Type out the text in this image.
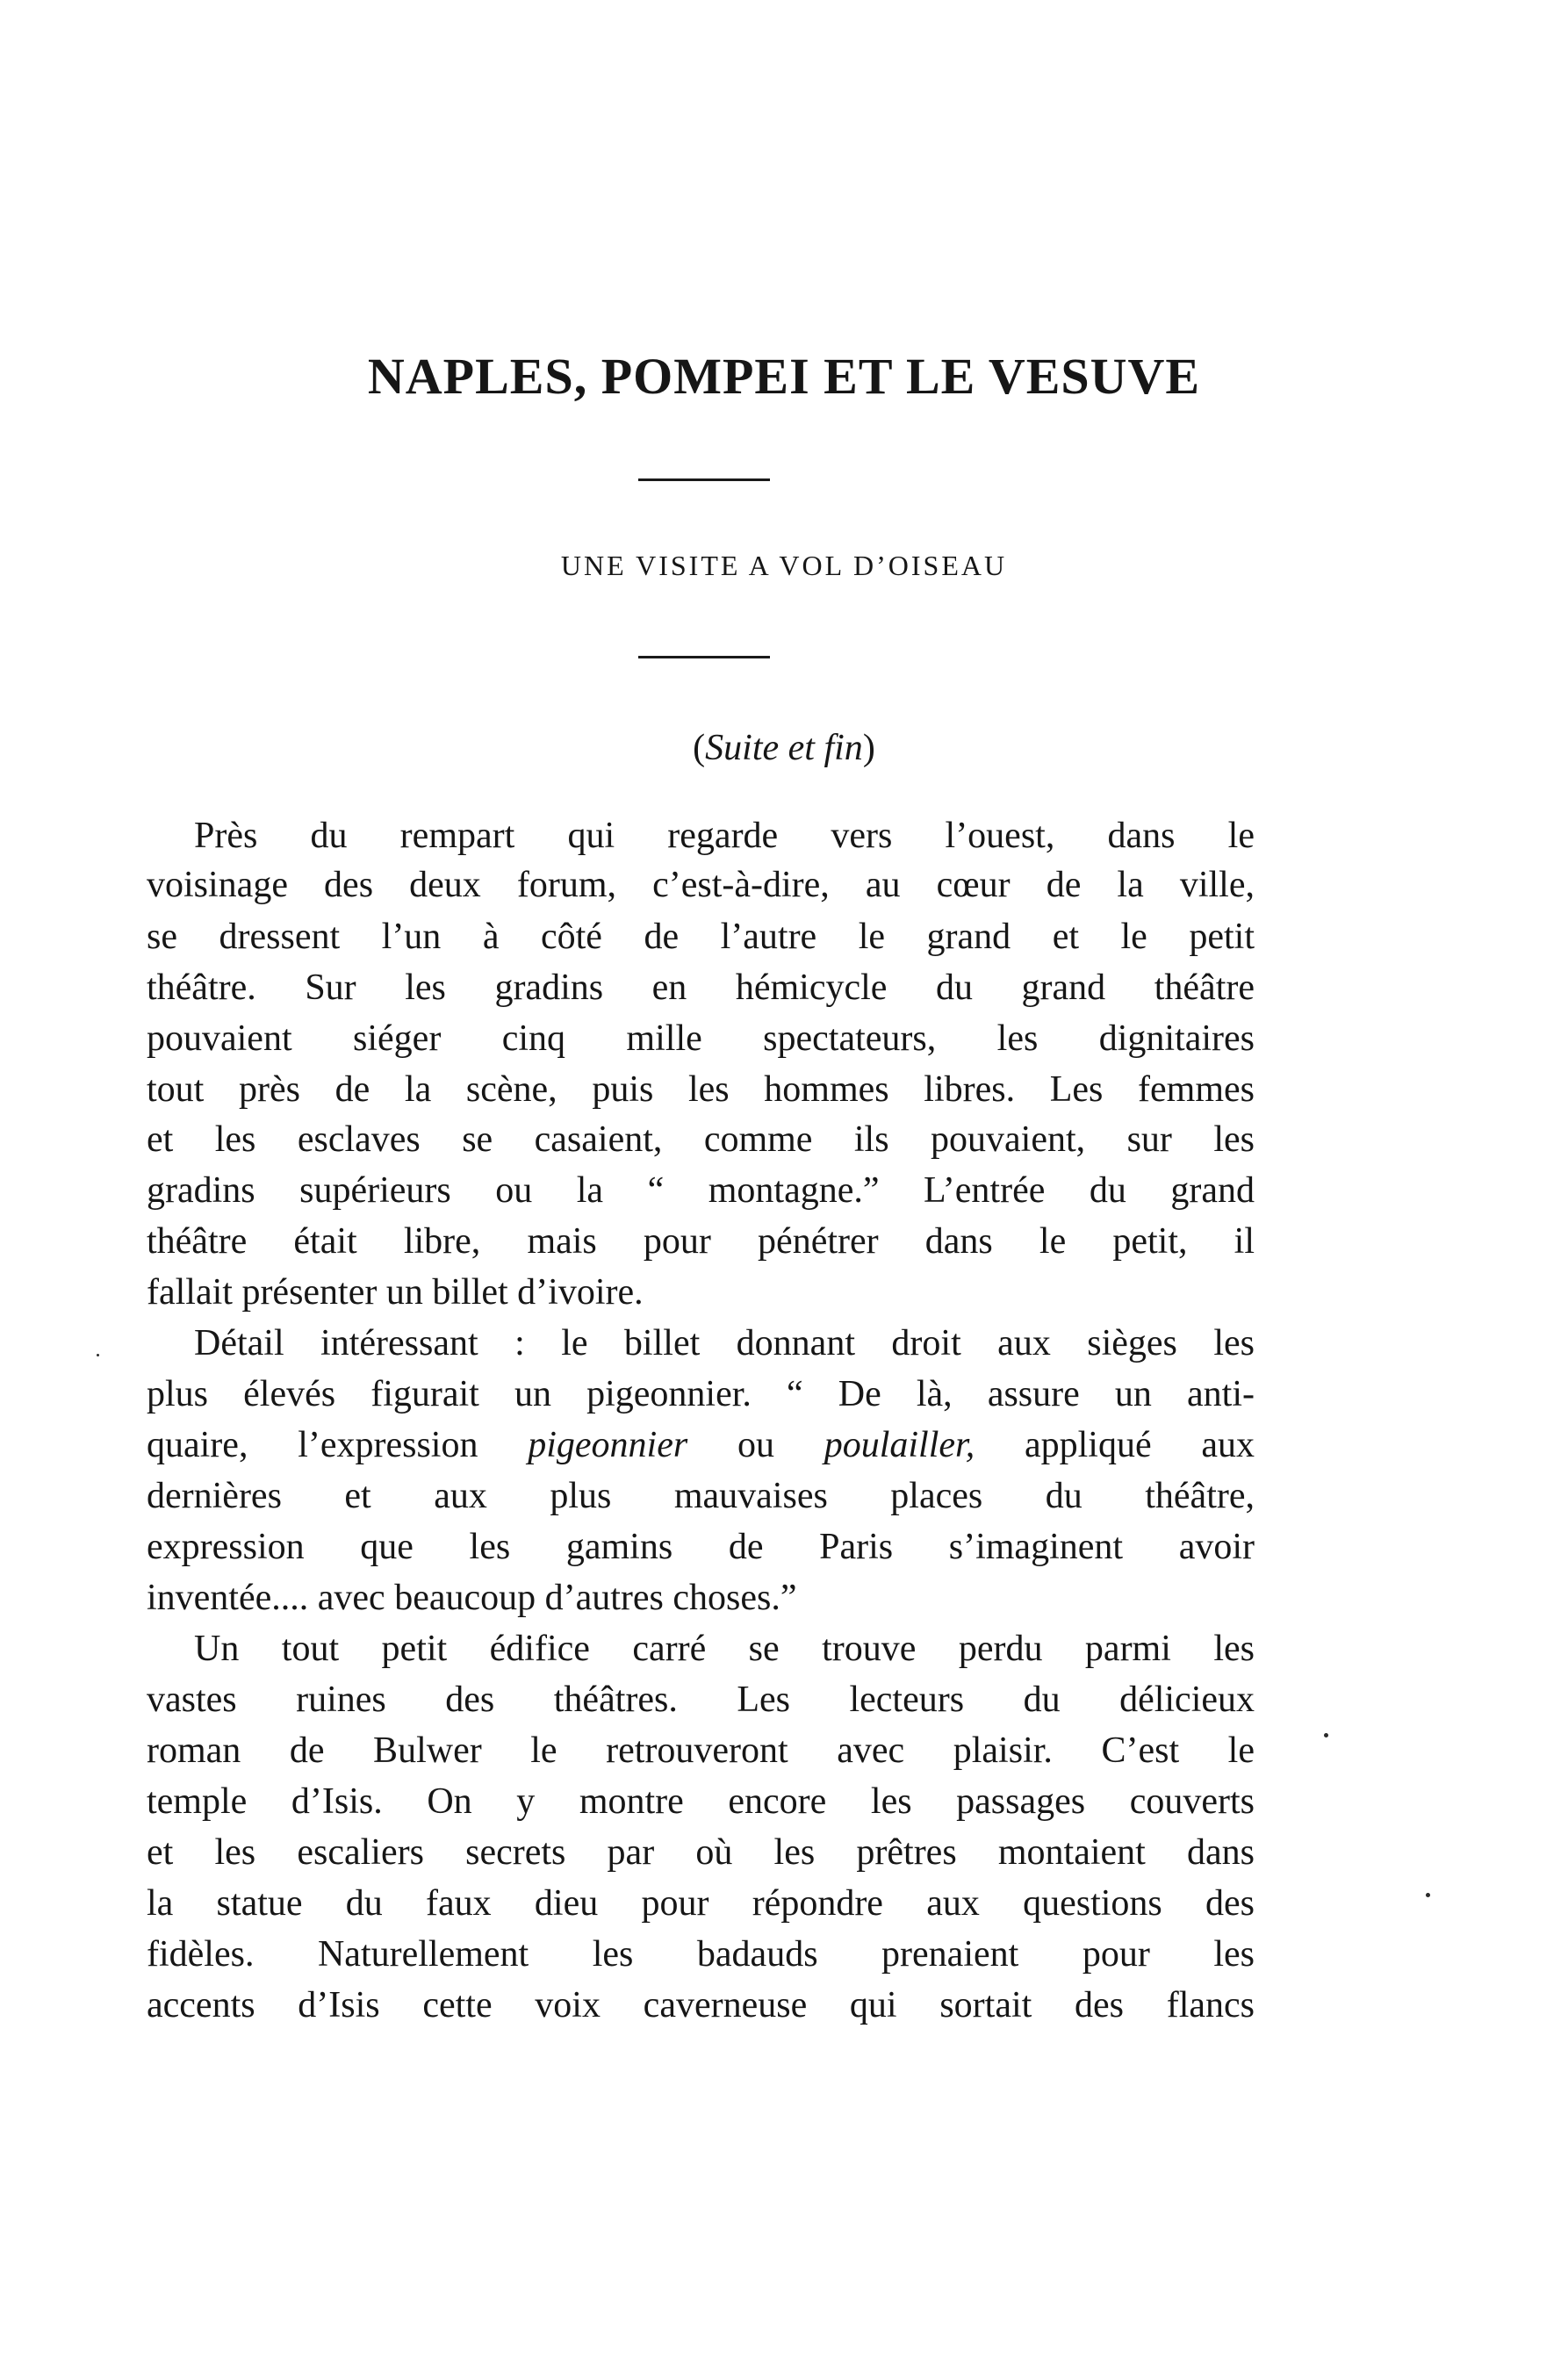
NAPLES, POMPEI ET LE VESUVE
UNE VISITE A VOL D’OISEAU
(Suite et fin)
Près du rempart qui regarde vers l’ouest, dans le
voisinage des deux forum, c’est-à-dire, au cœur de la ville,
se dressent l’un à côté de l’autre le grand et le petit
théâtre. Sur les gradins en hémicycle du grand théâtre
pouvaient siéger cinq mille spectateurs, les dignitaires
tout près de la scène, puis les hommes libres. Les femmes
et les esclaves se casaient, comme ils pouvaient, sur les
gradins supérieurs ou la “ montagne.” L’entrée du grand
théâtre était libre, mais pour pénétrer dans le petit, il
fallait présenter un billet d’ivoire.
Détail intéressant : le billet donnant droit aux sièges les
plus élevés figurait un pigeonnier. “ De là, assure un anti-
quaire, l’expression pigeonnier ou poulailler, appliqué aux
dernières et aux plus mauvaises places du théâtre,
expression que les gamins de Paris s’imaginent avoir
inventée.... avec beaucoup d’autres choses.”
Un tout petit édifice carré se trouve perdu parmi les
vastes ruines des théâtres. Les lecteurs du délicieux
roman de Bulwer le retrouveront avec plaisir. C’est le
temple d’Isis. On y montre encore les passages couverts
et les escaliers secrets par où les prêtres montaient dans
la statue du faux dieu pour répondre aux questions des
fidèles. Naturellement les badauds prenaient pour les
accents d’Isis cette voix caverneuse qui sortait des flancs
